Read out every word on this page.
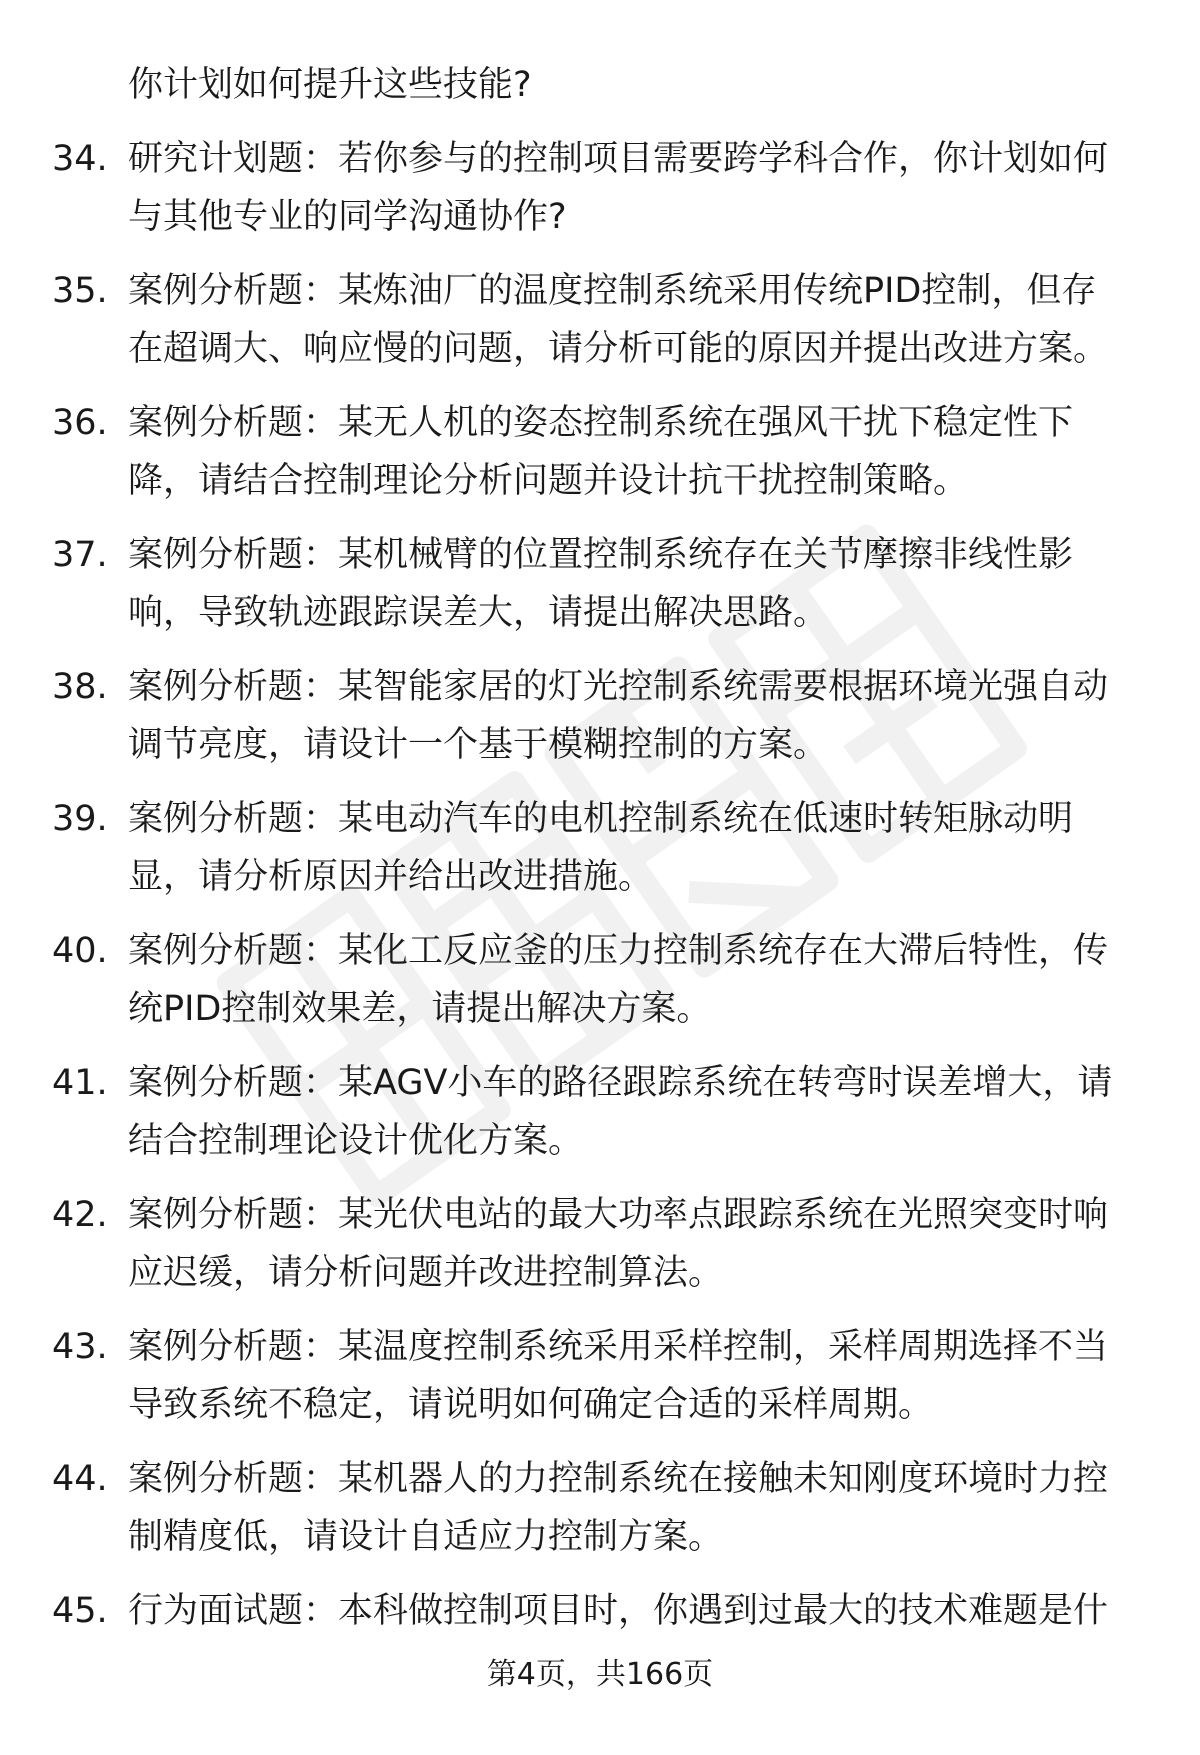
你计划如何提升这些技能?
34. 研究计划题：若你参与的控制项目需要跨学科合作，你计划如何
与其他专业的同学沟通协作?
35. 案例分析题：某炼油厂的温度控制系统采用传统PID控制，但存
在超调大、响应慢的问题，请分析可能的原因并提出改进方案。
36. 案例分析题：某无人机的姿态控制系统在强风干扰下稳定性下
降，请结合控制理论分析问题并设计抗干扰控制策略。
37. 案例分析题：某机械臂的位置控制系统存在关节摩擦非线性影
响，导致轨迹跟踪误差大，请提出解决思路。
38. 案例分析题：某智能家居的灯光控制系统需要根据环境光强自动
调节亮度，请设计一个基于模糊控制的方案。
39. 案例分析题：某电动汽车的电机控制系统在低速时转矩脉动明
显，请分析原因并给出改进措施。
40. 案例分析题：某化工反应釜的压力控制系统存在大滞后特性，传
统PID控制效果差，请提出解决方案。
41. 案例分析题：某AGV小车的路径跟踪系统在转弯时误差增大，请
结合控制理论设计优化方案。
42. 案例分析题：某光伏电站的最大功率点跟踪系统在光照突变时响
应迟缓，请分析问题并改进控制算法。
43. 案例分析题：某温度控制系统采用采样控制，采样周期选择不当
导致系统不稳定，请说明如何确定合适的采样周期。
44. 案例分析题：某机器人的力控制系统在接触未知刚度环境时力控
制精度低，请设计自适应力控制方案。
45. 行为面试题：本科做控制项目时，你遇到过最大的技术难题是什
第4页，共166页
